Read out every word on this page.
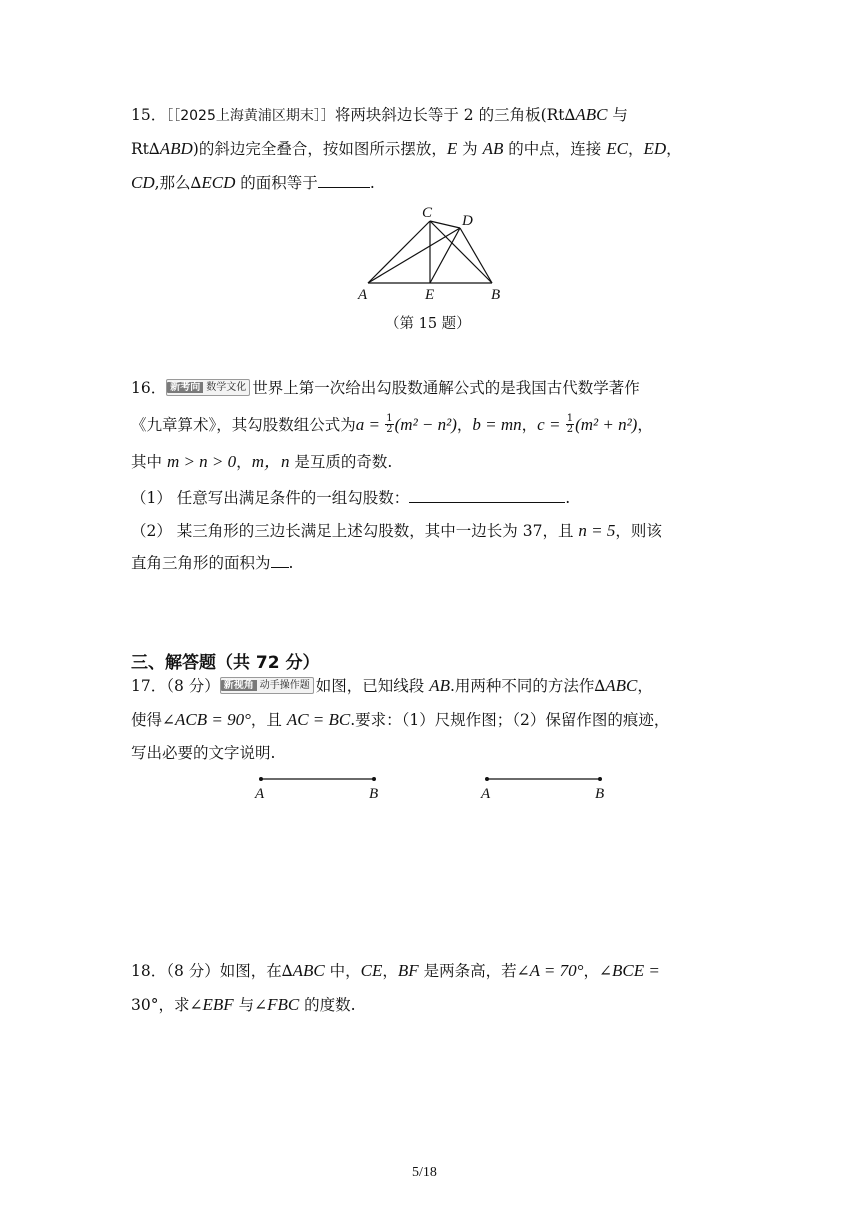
15．［［2025上海黄浦区期末］］将两块斜边长等于 2 的三角板(Rt∆ABC 与
Rt∆ABD)的斜边完全叠合，按如图所示摆放，E 为 AB 的中点，连接 EC，ED，
CD,那么∆ECD 的面积等于	.
C D
A	E	B
（第 15 题）
16． 新考向 数学文化 世界上第一次给出勾股数通解公式的是我国古代数学著作
《九章算术》，其勾股数组公式为$a = \frac{1}{2} (m^2 - n^2)$，b = mn，$c = \frac{1}{2} (m^2 + n^2)$，
其中 m > n > 0，m，n 是互质的奇数.
（1） 任意写出满足条件的一组勾股数：	.
（2） 某三角形的三边长满足上述勾股数，其中一边长为 37，且 n = 5，则该
直角三角形的面积为 .
三、解答题（共 72 分）
17．（8 分） 新视角 动手操作题 如图，已知线段 AB.用两种不同的方法作∆ABC，
使得∠ACB = 90°，且 AC = BC.要求：（1）尺规作图；（2）保留作图的痕迹，
写出必要的文字说明.
A	B	A	B
18．（8 分）如图，在∆ABC 中，CE，BF 是两条高，若∠A = 70°，∠BCE =
30°，求∠EBF 与∠FBC 的度数.
5/18
